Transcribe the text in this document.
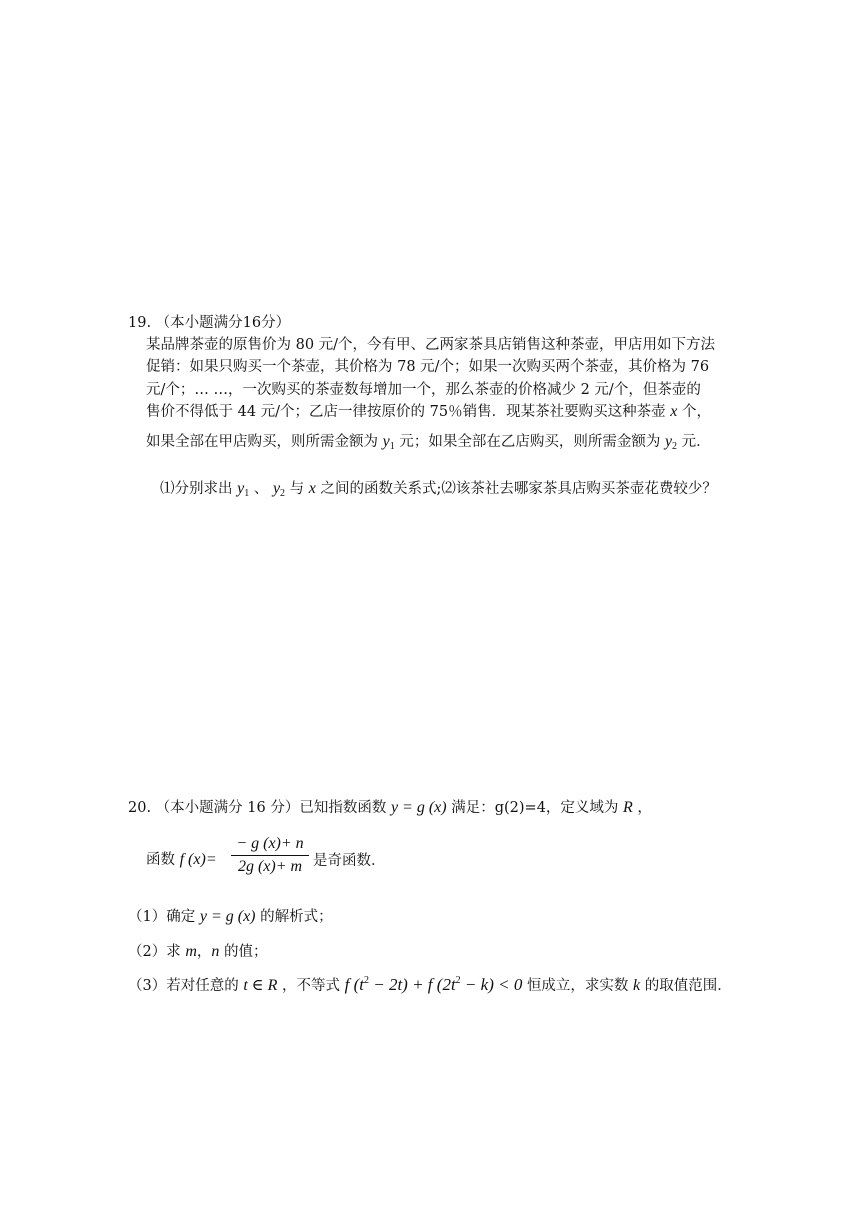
19. （本小题满分16分）
某品牌茶壶的原售价为 80 元/个，今有甲、乙两家茶具店销售这种茶壶，甲店用如下方法
促销：如果只购买一个茶壶，其价格为 78 元/个；如果一次购买两个茶壶，其价格为 76
元/个；… …，一次购买的茶壶数每增加一个，那么茶壶的价格减少 2 元/个，但茶壶的
售价不得低于 44 元/个；乙店一律按原价的 75％销售．现某茶社要购买这种茶壶 x 个，
如果全部在甲店购买，则所需金额为 $y_1$ 元；如果全部在乙店购买，则所需金额为 $y_2$ 元．
⑴分别求出 $y_1$ 、 $y_2$ 与 x 之间的函数关系式;⑵该茶社去哪家茶具店购买茶壶花费较少？
20. （本小题满分 16 分）已知指数函数 y = g (x) 满足：g(2)=4，定义域为 R ，
函数 f (x)=
− g (x)+ n
2g (x)+ m 是奇函数．
（1）确定 y = g (x) 的解析式；
（2）求 m，n 的值；
（3）若对任意的 t ∈ R ，不等式 f $(t^2 - 2t) + f$ $(2t^2 - k) < 0$ 恒成立，求实数 k 的取值范围．
